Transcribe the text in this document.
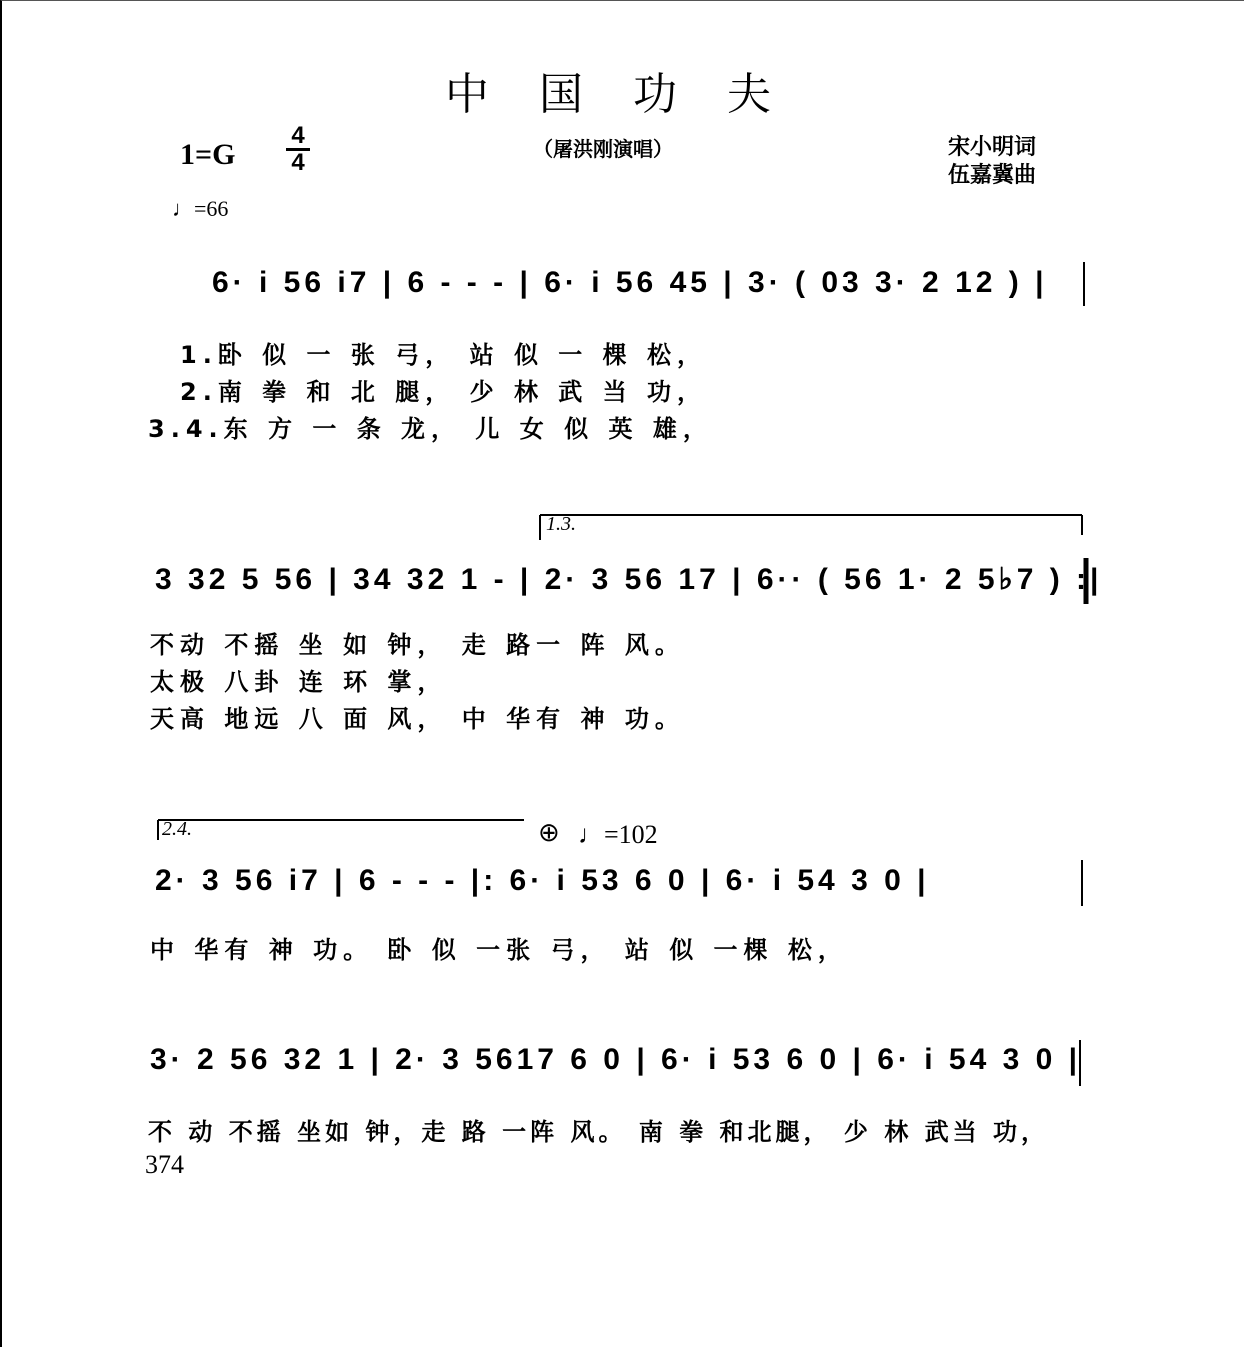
中国功夫
1=G
4
4
♩=66
（屠洪刚演唱）	宋小明词
伍嘉冀曲
6· i 56 i7 | 6 - - - | 6· i 56 45 | 3· ( 03 3· 2 12 ) |
1.卧 似 一 张 弓， 站 似 一 棵 松，
2.南 拳 和 北 腿， 少 林 武 当 功，
3.4.东 方 一 条 龙， 儿 女 似 英 雄，
1.3.
3 32 5 56 | 34 32 1 - | 2· 3 56 17 | 6·· ( 56 1· 2 5♭7 ) :|
不动 不摇 坐 如 钟， 走 路一 阵 风。
太极 八卦 连 环 掌，
天高 地远 八 面 风， 中 华有 神 功。
2.4.	⊕ ♩=102
2· 3 56 i7 | 6 - - - |: 6· i 53 6 0 | 6· i 54 3 0 |
中 华有 神 功。 卧 似 一张 弓， 站 似 一棵 松，
3· 2 56 32 1 | 2· 3 5617 6 0 | 6· i 53 6 0 | 6· i 54 3 0 |
不 动 不摇 坐如 钟，走 路 一阵 风。 南 拳 和北腿， 少 林 武当 功，
374
